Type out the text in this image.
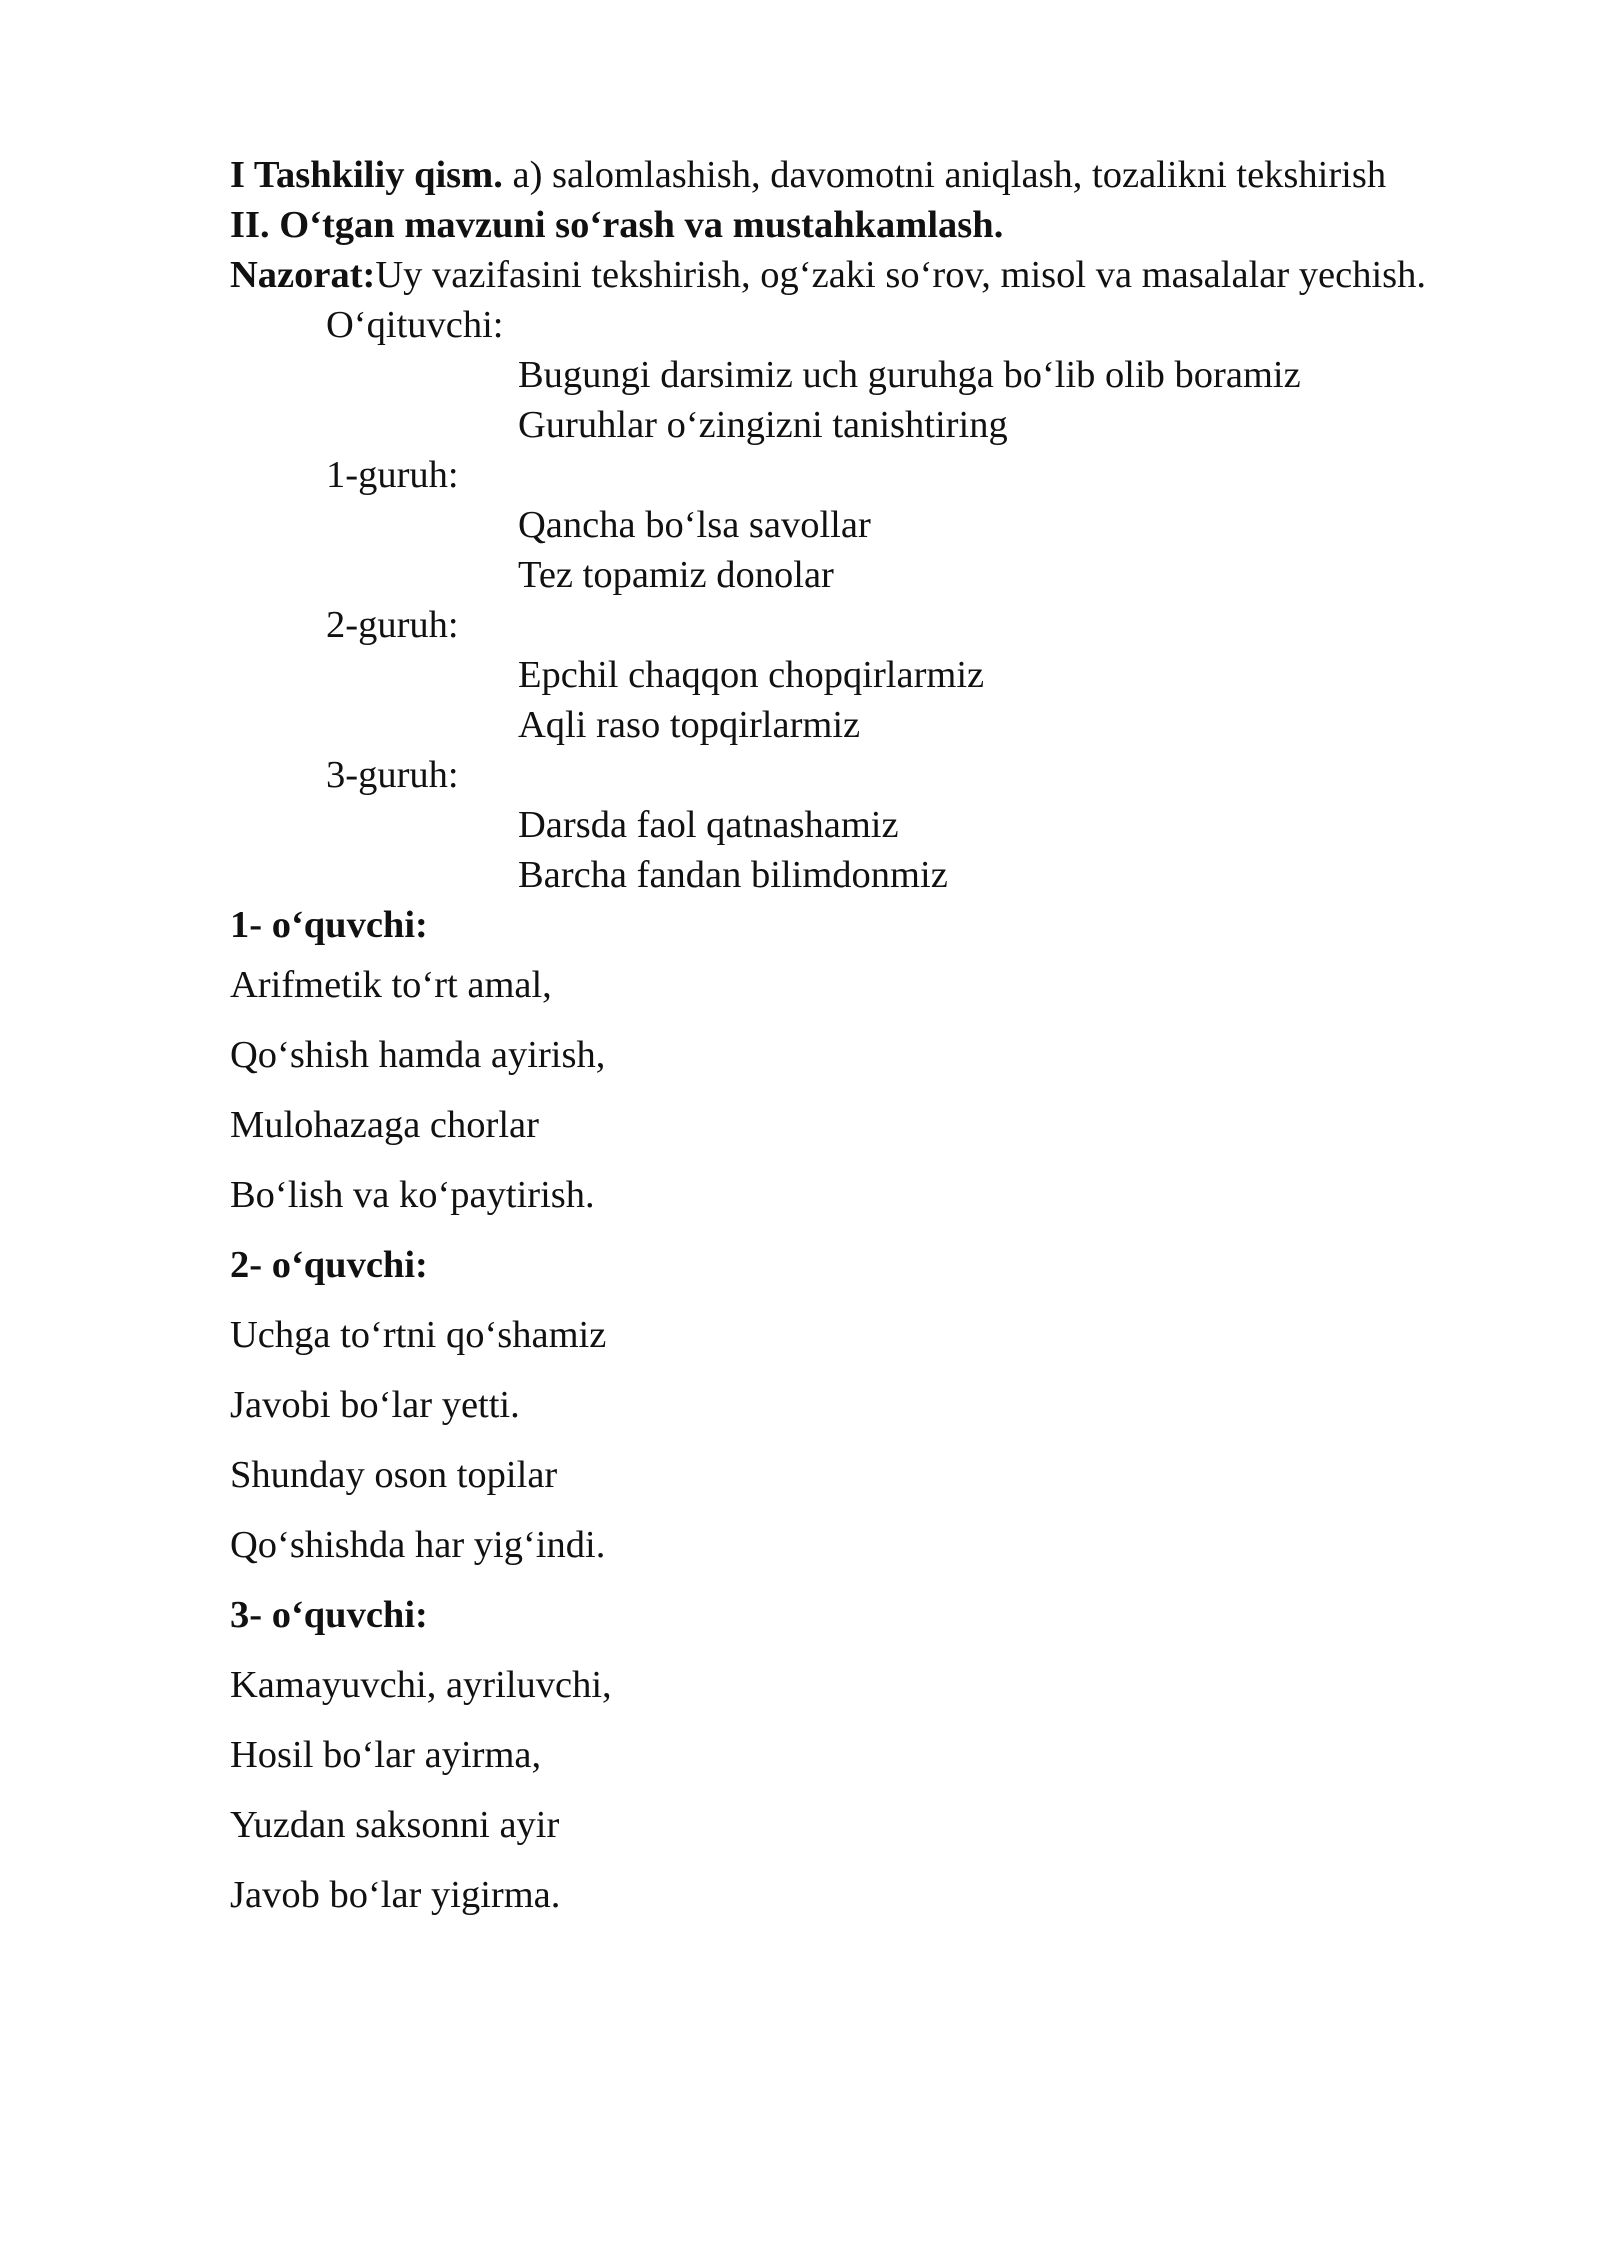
I Tashkiliy qism. a) salomlashish, davomotni aniqlash, tozalikni tekshirish

II. O‘tgan mavzuni so‘rash va mustahkamlash.

Nazorat:Uy vazifasini tekshirish, og‘zaki so‘rov, misol va masalalar yechish.

O‘qituvchi:

Bugungi darsimiz uch guruhga bo‘lib olib boramiz

Guruhlar o‘zingizni tanishtiring

1-guruh:

Qancha bo‘lsa savollar

Tez topamiz donolar

2-guruh:

Epchil chaqqon chopqirlarmiz

Aqli raso topqirlarmiz

3-guruh:

Darsda faol qatnashamiz

Barcha fandan bilimdonmiz

1- o‘quvchi:

Arifmetik to‘rt amal,

Qo‘shish hamda ayirish,

Mulohazaga chorlar

Bo‘lish va ko‘paytirish.

2- o‘quvchi:

Uchga to‘rtni qo‘shamiz

Javobi bo‘lar yetti.

Shunday oson topilar

Qo‘shishda har yig‘indi.

3- o‘quvchi:

Kamayuvchi, ayriluvchi,

Hosil bo‘lar ayirma,

Yuzdan saksonni ayir

Javob bo‘lar yigirma.
